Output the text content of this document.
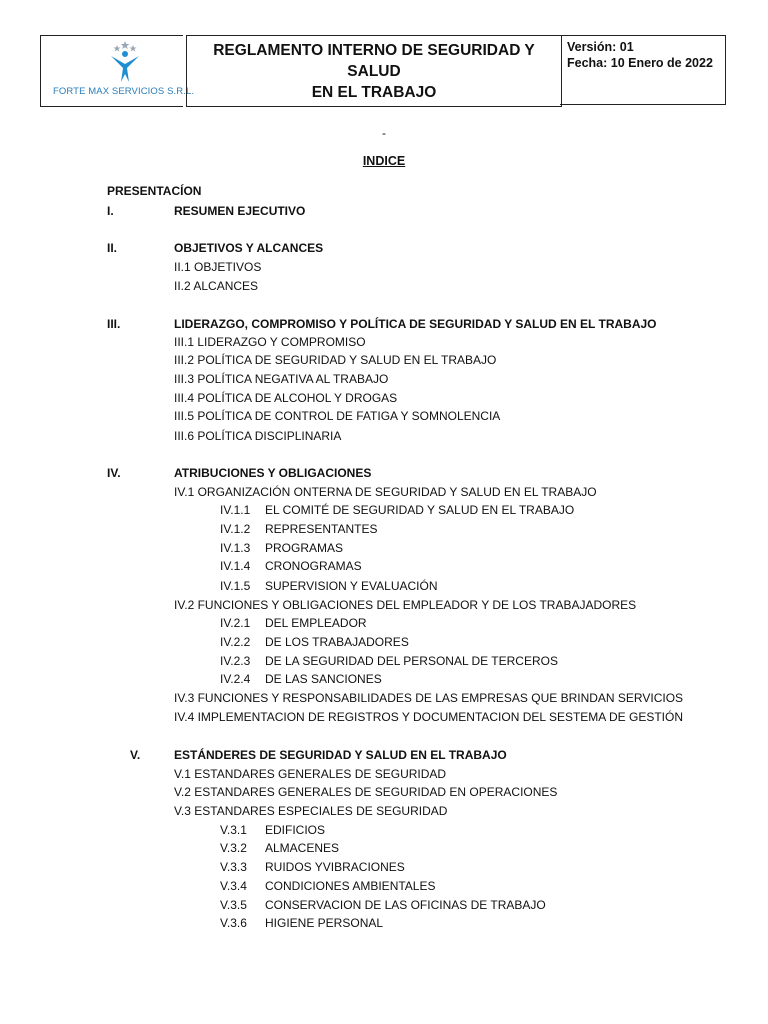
FORTE MAX SERVICIOS S.R.L.
REGLAMENTO INTERNO DE SEGURIDAD Y SALUD
EN EL TRABAJO
Versión: 01
Fecha: 10 Enero de 2022
-
INDICE
PRESENTACÍON
I.	RESUMEN EJECUTIVO
II.	OBJETIVOS Y ALCANCES
II.1 OBJETIVOS
II.2 ALCANCES
III.	LIDERAZGO, COMPROMISO Y POLÍTICA DE SEGURIDAD Y SALUD EN EL TRABAJO
III.1 LIDERAZGO Y COMPROMISO
III.2 POLÍTICA DE SEGURIDAD Y SALUD EN EL TRABAJO
III.3 POLÍTICA NEGATIVA AL TRABAJO
III.4 POLÍTICA DE ALCOHOL Y DROGAS
III.5 POLÍTICA DE CONTROL DE FATIGA Y SOMNOLENCIA
III.6 POLÍTICA DISCIPLINARIA
IV.	ATRIBUCIONES Y OBLIGACIONES
IV.1 ORGANIZACIÓN ONTERNA DE SEGURIDAD Y SALUD EN EL TRABAJO
IV.1.1 EL COMITÉ DE SEGURIDAD Y SALUD EN EL TRABAJO
IV.1.2 REPRESENTANTES
IV.1.3 PROGRAMAS
IV.1.4 CRONOGRAMAS
IV.1.5 SUPERVISION Y EVALUACIÓN
IV.2 FUNCIONES Y OBLIGACIONES DEL EMPLEADOR Y DE LOS TRABAJADORES
IV.2.1 DEL EMPLEADOR
IV.2.2 DE LOS TRABAJADORES
IV.2.3 DE LA SEGURIDAD DEL PERSONAL DE TERCEROS
IV.2.4 DE LAS SANCIONES
IV.3 FUNCIONES Y RESPONSABILIDADES DE LAS EMPRESAS QUE BRINDAN SERVICIOS
IV.4 IMPLEMENTACION DE REGISTROS Y DOCUMENTACION DEL SESTEMA DE GESTIÓN
V.	ESTÁNDERES DE SEGURIDAD Y SALUD EN EL TRABAJO
V.1 ESTANDARES GENERALES DE SEGURIDAD
V.2 ESTANDARES GENERALES DE SEGURIDAD EN OPERACIONES
V.3 ESTANDARES ESPECIALES DE SEGURIDAD
V.3.1 EDIFICIOS
V.3.2 ALMACENES
V.3.3 RUIDOS YVIBRACIONES
V.3.4 CONDICIONES AMBIENTALES
V.3.5 CONSERVACION DE LAS OFICINAS DE TRABAJO
V.3.6 HIGIENE PERSONAL
